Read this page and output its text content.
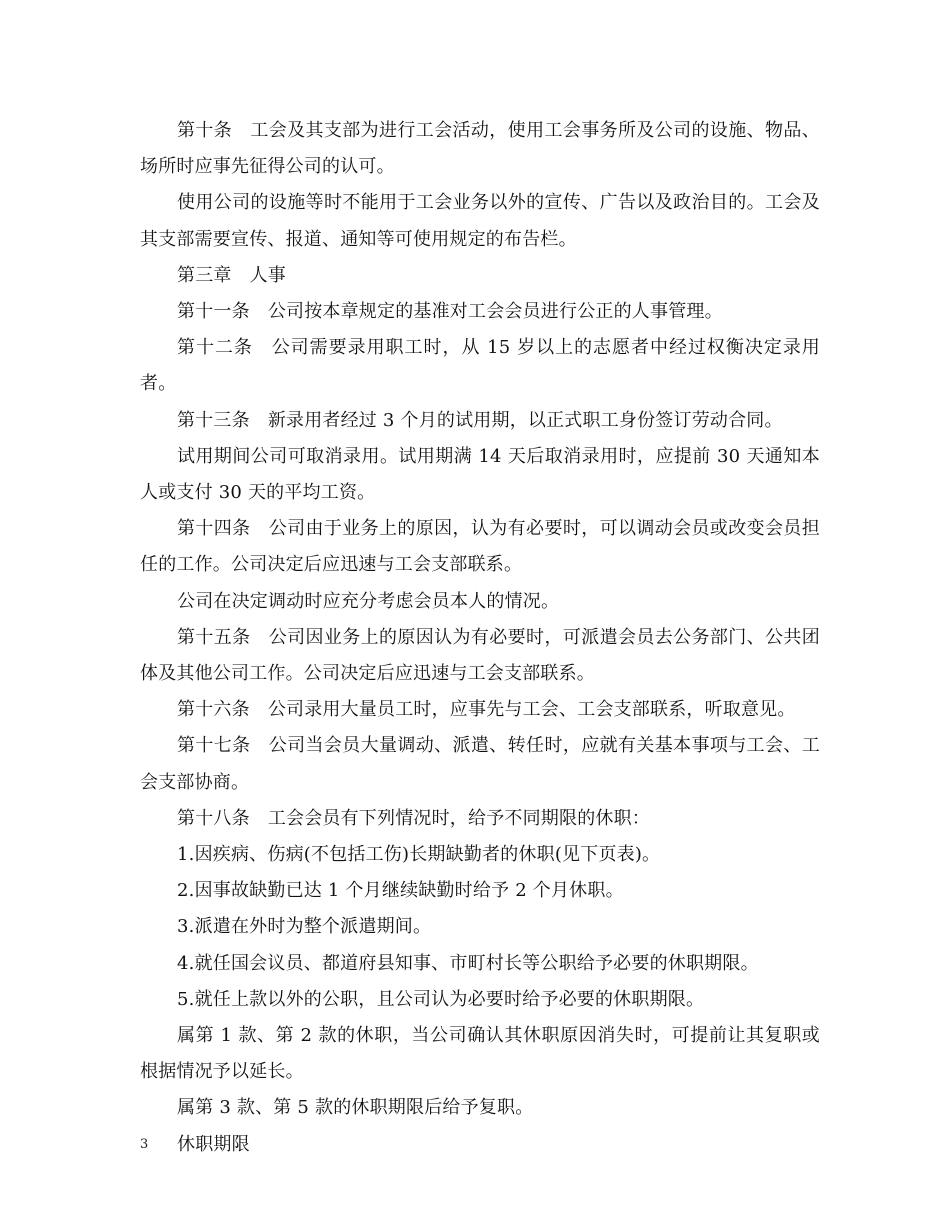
第十条 工会及其支部为进行工会活动，使用工会事务所及公司的设施、物品、场所时应事先征得公司的认可。

使用公司的设施等时不能用于工会业务以外的宣传、广告以及政治目的。工会及其支部需要宣传、报道、通知等可使用规定的布告栏。

第三章 人事

第十一条 公司按本章规定的基准对工会会员进行公正的人事管理。

第十二条 公司需要录用职工时，从 15 岁以上的志愿者中经过权衡决定录用者。

第十三条 新录用者经过 3 个月的试用期，以正式职工身份签订劳动合同。

试用期间公司可取消录用。试用期满 14 天后取消录用时，应提前 30 天通知本人或支付 30 天的平均工资。

第十四条 公司由于业务上的原因，认为有必要时，可以调动会员或改变会员担任的工作。公司决定后应迅速与工会支部联系。

公司在决定调动时应充分考虑会员本人的情况。

第十五条 公司因业务上的原因认为有必要时，可派遣会员去公务部门、公共团体及其他公司工作。公司决定后应迅速与工会支部联系。

第十六条 公司录用大量员工时，应事先与工会、工会支部联系，听取意见。

第十七条 公司当会员大量调动、派遣、转任时，应就有关基本事项与工会、工会支部协商。

第十八条 工会会员有下列情况时，给予不同期限的休职：

1.因疾病、伤病(不包括工伤)长期缺勤者的休职(见下页表)。

2.因事故缺勤已达 1 个月继续缺勤时给予 2 个月休职。

3.派遣在外时为整个派遣期间。

4.就任国会议员、都道府县知事、市町村长等公职给予必要的休职期限。

5.就任上款以外的公职，且公司认为必要时给予必要的休职期限。

属第 1 款、第 2 款的休职，当公司确认其休职原因消失时，可提前让其复职或根据情况予以延长。

属第 3 款、第 5 款的休职期限后给予复职。

休职期限

3
